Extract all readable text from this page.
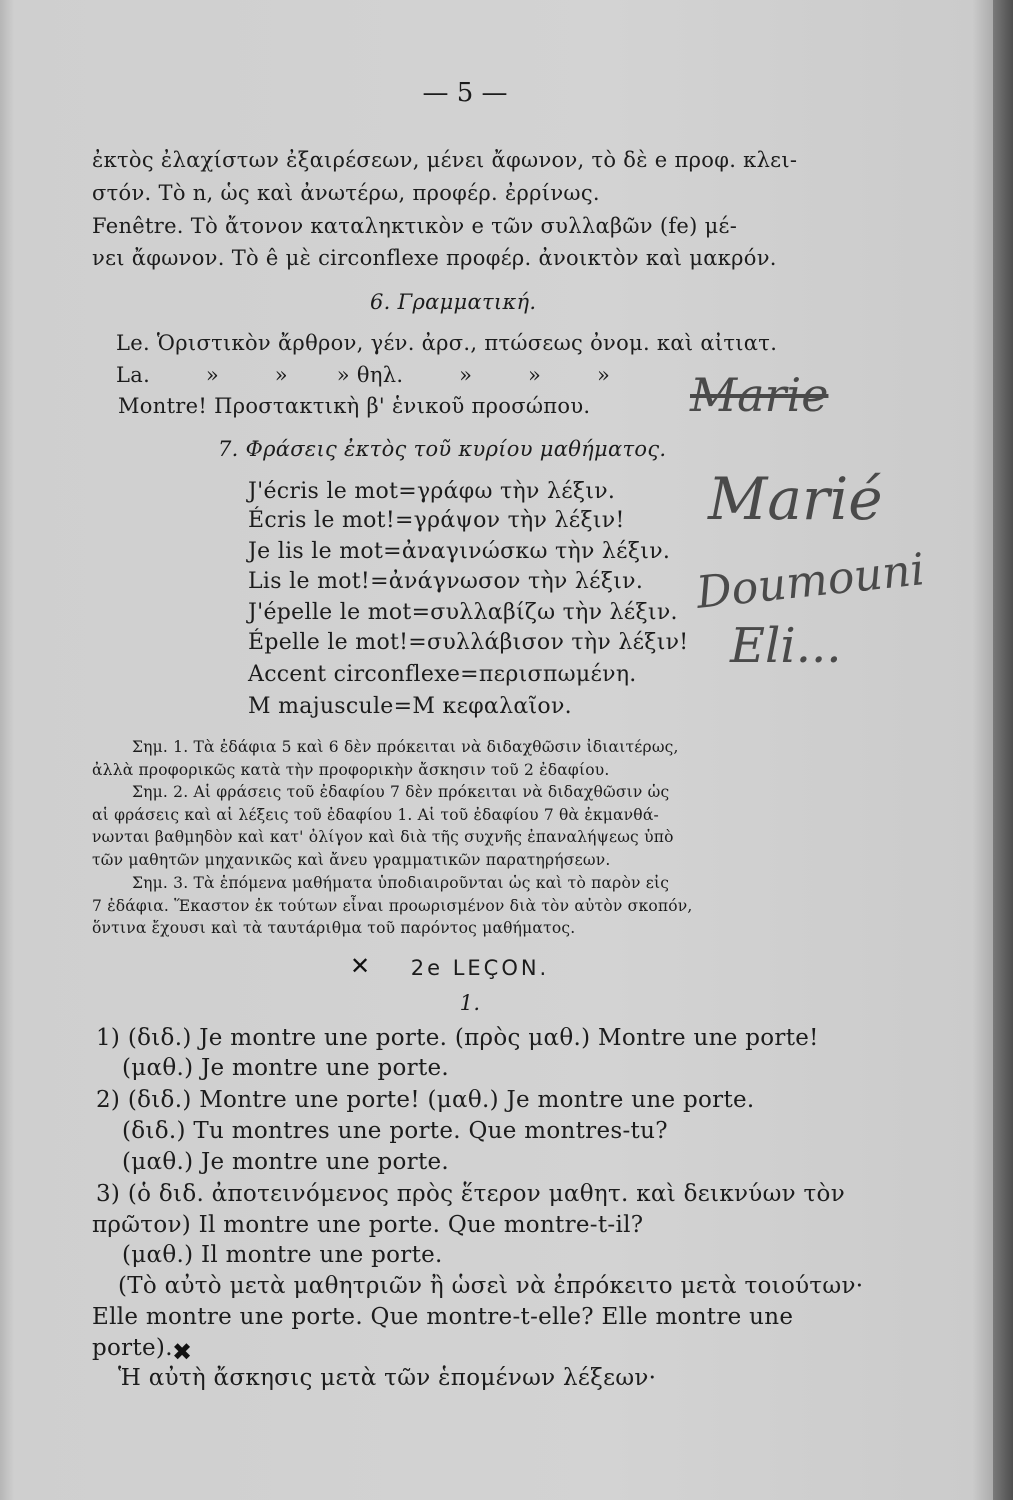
— 5 —
ἐκτὸς ἐλαχίστων ἐξαιρέσεων, μένει ἄφωνον, τὸ δὲ e προφ. κλει-
στόν. Τὸ n, ὡς καὶ ἀνωτέρω, προφέρ. ἐρρίνως.
Fenêtre. Τὸ ἄτονον καταληκτικὸν e τῶν συλλαβῶν (fe) μέ-
νει ἄφωνον. Τὸ ê μὲ circonflexe προφέρ. ἀνοικτὸν καὶ μακρόν.
6. Γραμματική.
Le. Ὁριστικὸν ἄρθρον, γέν. ἀρσ., πτώσεως ὀνομ. καὶ αἰτιατ.
La.        »        »       » θηλ.        »        »        »
Montre! Προστακτικὴ β' ἑνικοῦ προσώπου.
7. Φράσεις ἐκτὸς τοῦ κυρίου μαθήματος.
J'écris le mot=γράφω τὴν λέξιν.
Écris le mot!=γράψον τὴν λέξιν!
Je lis le mot=ἀναγινώσκω τὴν λέξιν.
Lis le mot!=ἀνάγνωσον τὴν λέξιν.
J'épelle le mot=συλλαβίζω τὴν λέξιν.
Épelle le mot!=συλλάβισον τὴν λέξιν!
Accent circonflexe=περισπωμένη.
M majuscule=M κεφαλαῖον.
Σημ. 1. Τὰ ἐδάφια 5 καὶ 6 δὲν πρόκειται νὰ διδαχθῶσιν ἰδιαιτέρως,
ἀλλὰ προφορικῶς κατὰ τὴν προφορικὴν ἄσκησιν τοῦ 2 ἐδαφίου.
Σημ. 2. Αἱ φράσεις τοῦ ἐδαφίου 7 δὲν πρόκειται νὰ διδαχθῶσιν ὡς
αἱ φράσεις καὶ αἱ λέξεις τοῦ ἐδαφίου 1. Αἱ τοῦ ἐδαφίου 7 θὰ ἐκμανθά-
νωνται βαθμηδὸν καὶ κατ' ὀλίγον καὶ διὰ τῆς συχνῆς ἐπαναλήψεως ὑπὸ
τῶν μαθητῶν μηχανικῶς καὶ ἄνευ γραμματικῶν παρατηρήσεων.
Σημ. 3. Τὰ ἑπόμενα μαθήματα ὑποδιαιροῦνται ὡς καὶ τὸ παρὸν εἰς
7 ἐδάφια. Ἕκαστον ἐκ τούτων εἶναι προωρισμένον διὰ τὸν αὐτὸν σκοπόν,
ὅντινα ἔχουσι καὶ τὰ ταυτάριθμα τοῦ παρόντος μαθήματος.
✕	2e LEÇON.
1.
1) (διδ.) Je montre une porte. (πρὸς μαθ.) Montre une porte!
(μαθ.) Je montre une porte.
2) (διδ.) Montre une porte! (μαθ.) Je montre une porte.
(διδ.) Tu montres une porte. Que montres-tu?
(μαθ.) Je montre une porte.
3) (ὁ διδ. ἀποτεινόμενος πρὸς ἕτερον μαθητ. καὶ δεικνύων τὸν
πρῶτον) Il montre une porte. Que montre-t-il?
(μαθ.) Il montre une porte.
(Τὸ αὐτὸ μετὰ μαθητριῶν ἢ ὡσεὶ νὰ ἐπρόκειτο μετὰ τοιούτων·
Elle montre une porte. Que montre-t-elle? Elle montre une
porte). ✖
Ἡ αὐτὴ ἄσκησις μετὰ τῶν ἑπομένων λέξεων·
Marie
Marié
Doumouni
Eli...
